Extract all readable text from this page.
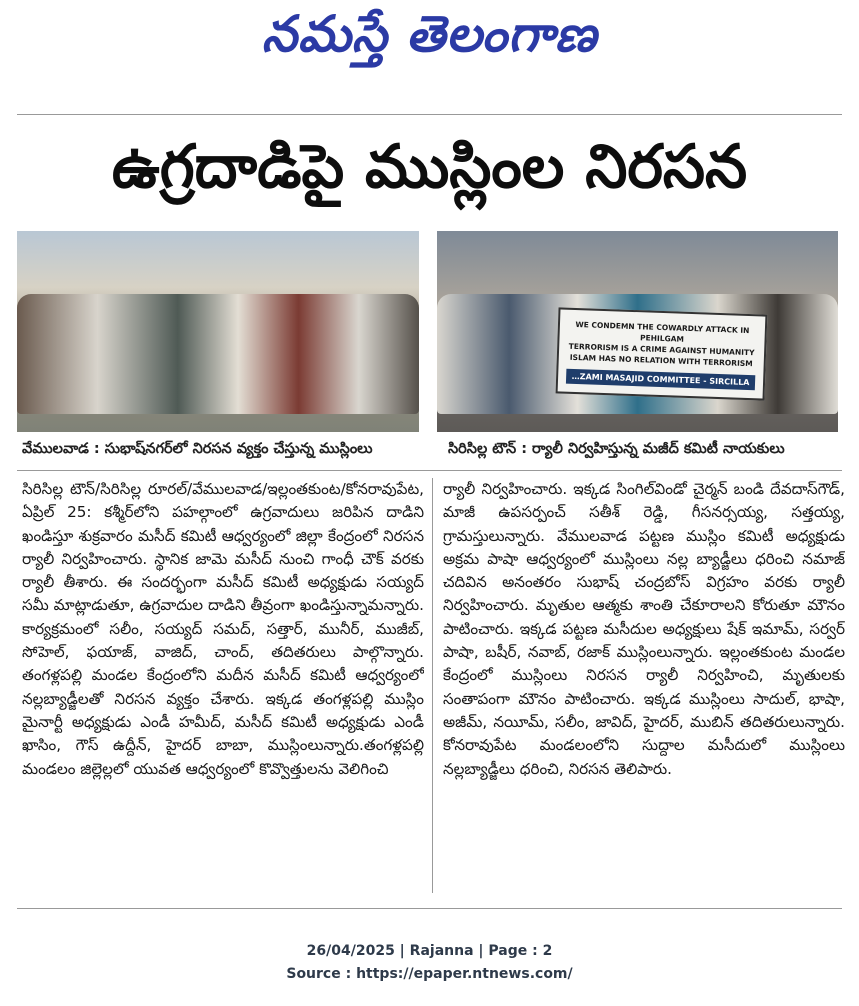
నమస్తే తెలంగాణ
ఉగ్రదాడిపై ముస్లింల నిరసన
WE CONDEMN THE COWARDLY ATTACK IN PEHILGAM
TERRORISM IS A CRIME AGAINST HUMANITY
ISLAM HAS NO RELATION WITH TERRORISM
…ZAMI MASAJID COMMITTEE - SIRCILLA
వేములవాడ : సుభాష్‌నగర్‌లో నిరసన వ్యక్తం చేస్తున్న ముస్లింలు	సిరిసిల్ల టౌన్ : ర్యాలీ నిర్వహిస్తున్న మజీద్ కమిటీ నాయకులు

సిరిసిల్ల టౌన్/సిరిసిల్ల రూరల్/వేములవాడ/ఇల్లంతకుంట/కోనరావుపేట, ఏప్రిల్ 25: కశ్మీర్‌లోని పహల్గాంలో ఉగ్రవాదులు జరిపిన దాడిని ఖండిస్తూ శుక్రవారం మసీద్ కమిటీ ఆధ్వర్యంలో జిల్లా కేంద్రంలో నిరసన ర్యాలీ నిర్వహించారు. స్థానిక జామె మసీద్ నుంచి గాంధీ చౌక్ వరకు ర్యాలీ తీశారు. ఈ సందర్భంగా మసీద్ కమిటీ అధ్యక్షుడు సయ్యద్ సమీ మాట్లాడుతూ, ఉగ్రవాదుల దాడిని తీవ్రంగా ఖండిస్తున్నామన్నారు. కార్యక్రమంలో సలీం, సయ్యద్ సమద్, సత్తార్, మునీర్, ముజీబ్, సోహెల్, ఫయాజ్, వాజిద్, చాంద్, తదితరులు పాల్గొన్నారు. తంగళ్లపల్లి మండల కేంద్రంలోని మదీన మసీద్ కమిటీ ఆధ్వర్యంలో నల్లబ్యాడ్జీలతో నిరసన వ్యక్తం చేశారు. ఇక్కడ తంగళ్లపల్లి ముస్లిం మైనార్టీ అధ్యక్షుడు ఎండీ హమీద్, మసీద్ కమిటీ అధ్యక్షుడు ఎండీ ఖాసిం, గౌస్ ఉద్దీన్, హైదర్ బాబా, ముస్లింలున్నారు.తంగళ్లపల్లి మండలం జిల్లెల్లలో యువత ఆధ్వర్యంలో కొవ్వొత్తులను వెలిగించి

ర్యాలీ నిర్వహించారు. ఇక్కడ సింగిల్‌విండో చైర్మన్ బండి దేవదాస్‌గౌడ్, మాజీ ఉపసర్పంచ్ సతీశ్ రెడ్డి, గీసనర్సయ్య, సత్తయ్య, గ్రామస్తులున్నారు. వేములవాడ పట్టణ ముస్లిం కమిటీ అధ్యక్షుడు అక్రమ పాషా ఆధ్వర్యంలో ముస్లింలు నల్ల బ్యాడ్జీలు ధరించి నమాజ్ చదివిన అనంతరం సుభాష్ చంద్రబోస్ విగ్రహం వరకు ర్యాలీ నిర్వహించారు. మృతుల ఆత్మకు శాంతి చేకూరాలని కోరుతూ మౌనం పాటించారు. ఇక్కడ పట్టణ మసీదుల అధ్యక్షులు షేక్ ఇమామ్, సర్వర్ పాషా, బషీర్, నవాబ్, రజాక్ ముస్లింలున్నారు. ఇల్లంతకుంట మండల కేంద్రంలో ముస్లింలు నిరసన ర్యాలీ నిర్వహించి, మృతులకు సంతాపంగా మౌనం పాటించారు. ఇక్కడ ముస్లింలు సాదుల్, భాషా, అజీమ్, నయీమ్, సలీం, జావిద్, హైదర్, ముబిన్ తదితరులున్నారు. కోనరావుపేట మండలంలోని సుద్దాల మసీదులో ముస్లింలు నల్లబ్యాడ్జీలు ధరించి, నిరసన తెలిపారు.

26/04/2025 | Rajanna | Page : 2
Source : https://epaper.ntnews.com/
